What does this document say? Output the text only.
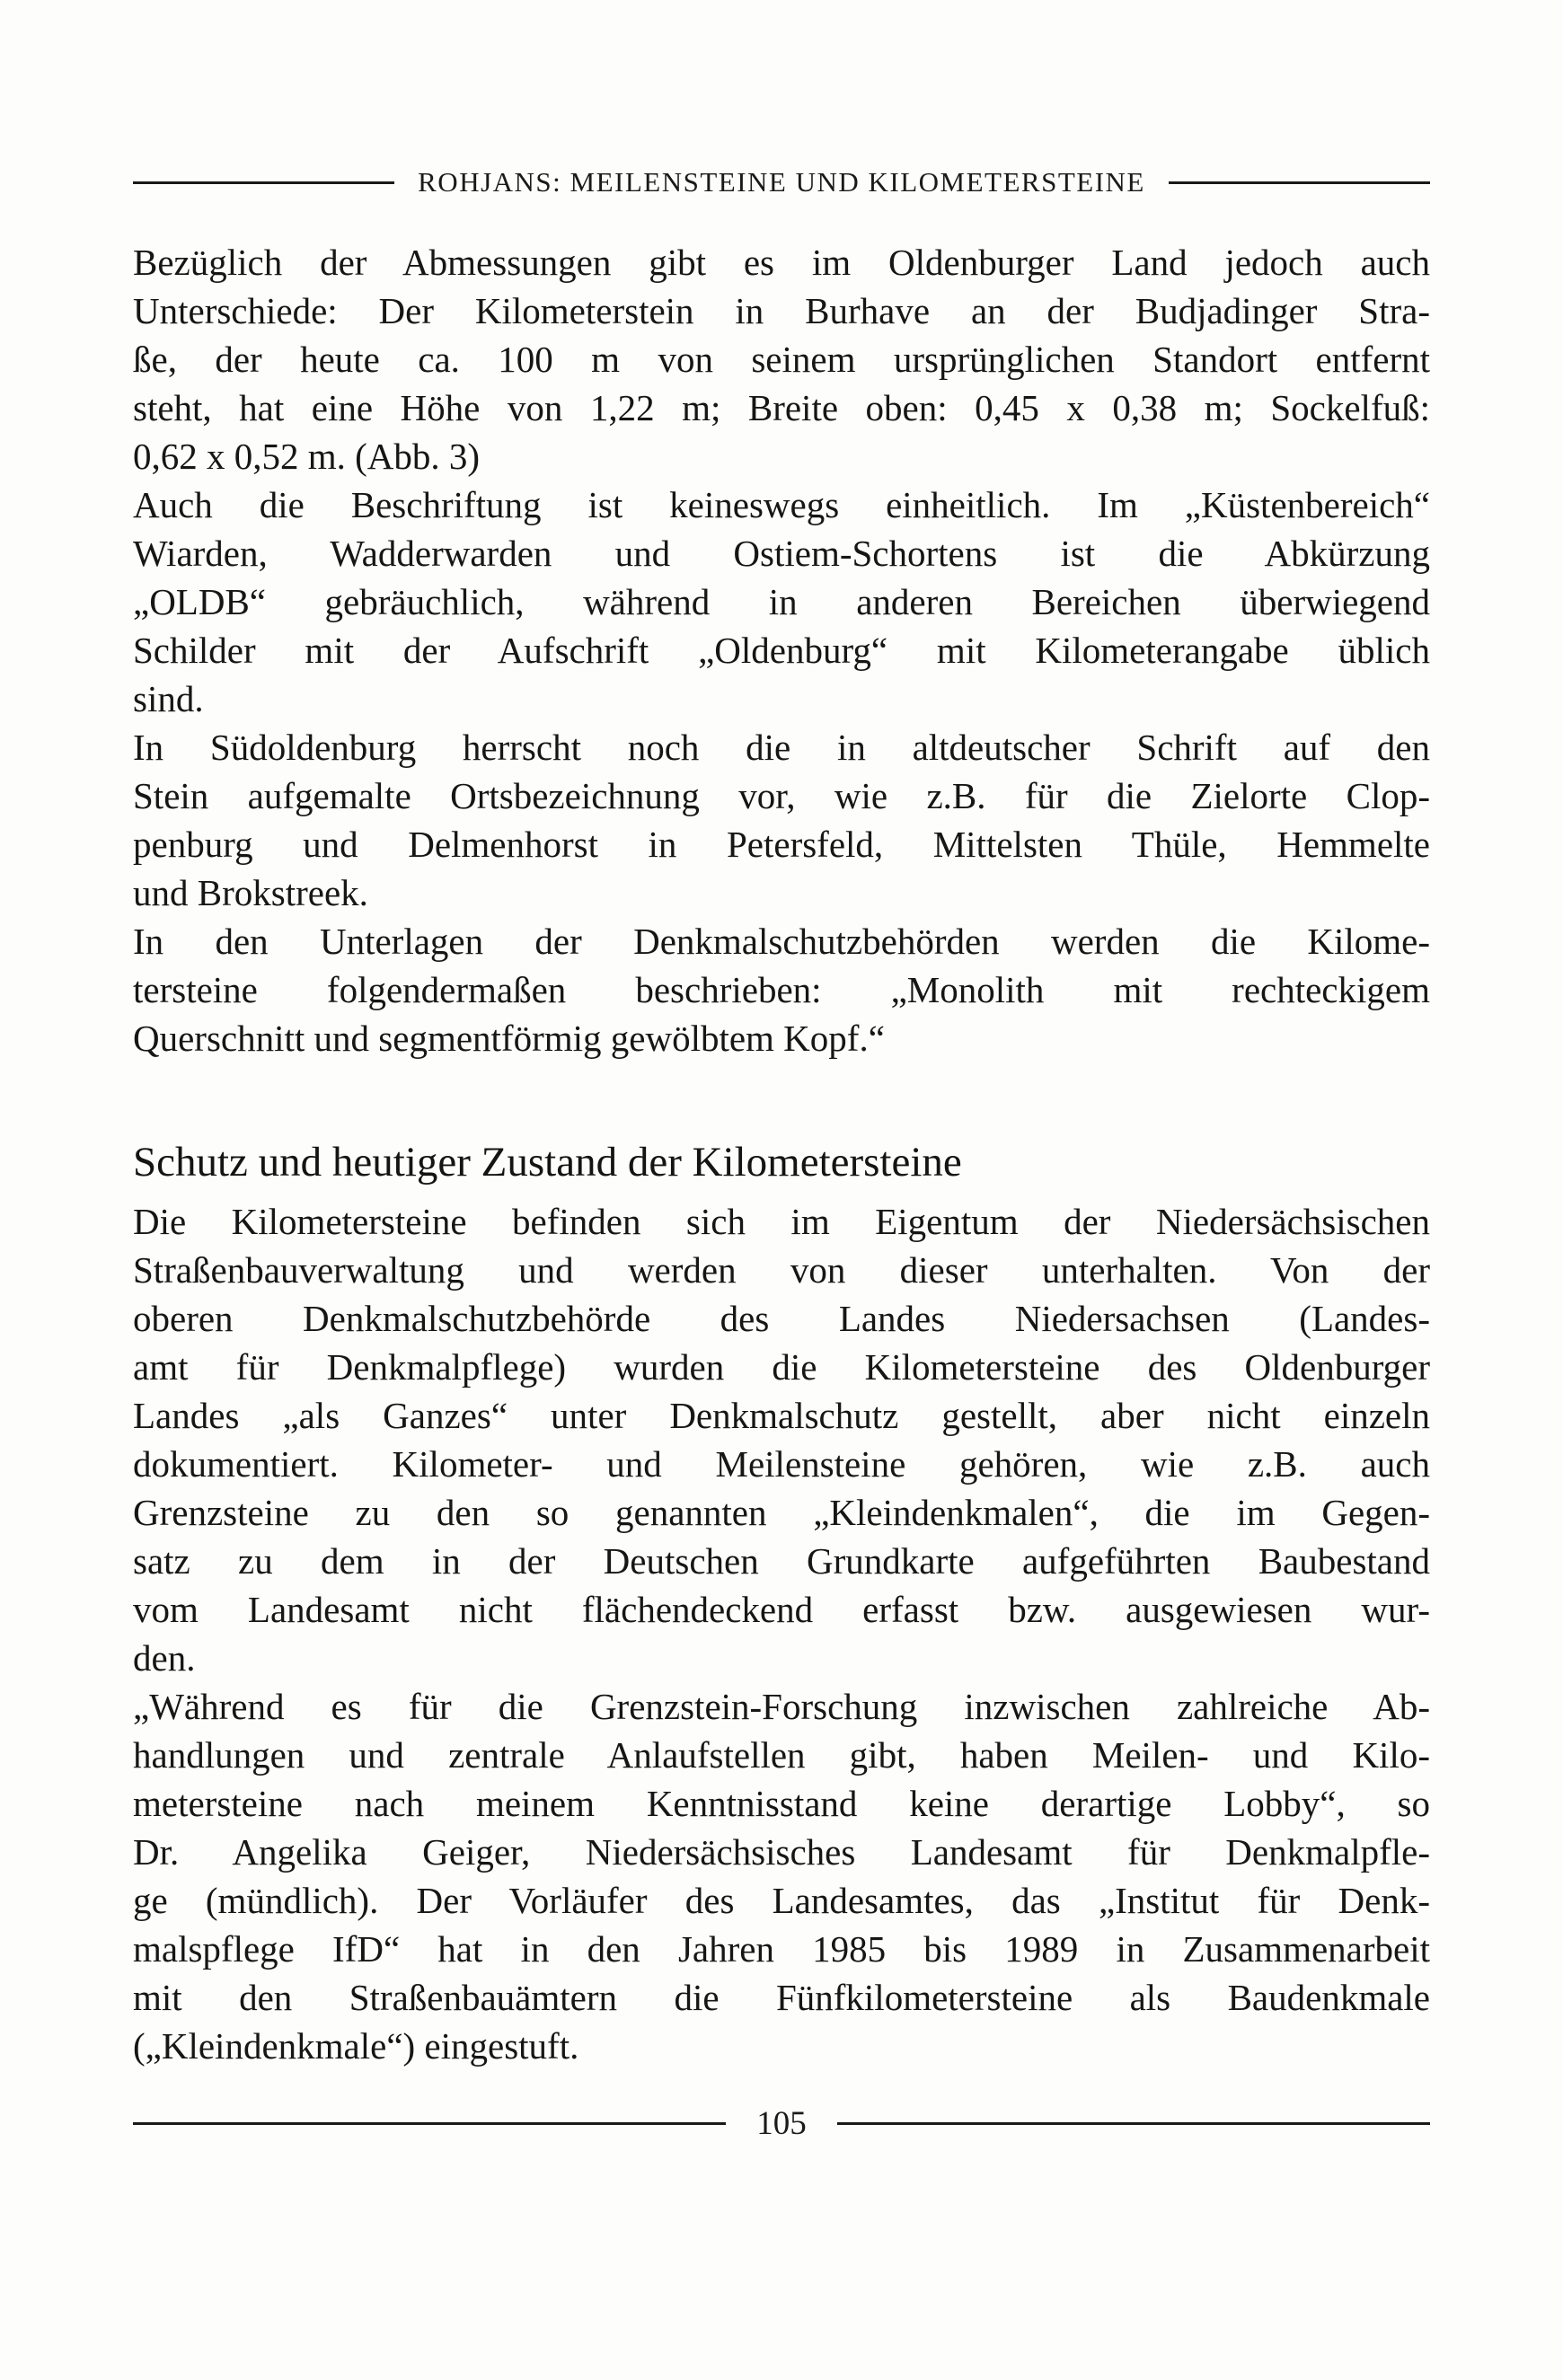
ROHJANS: MEILENSTEINE UND KILOMETERSTEINE
Bezüglich der Abmessungen gibt es im Oldenburger Land jedoch auch
Unterschiede: Der Kilometerstein in Burhave an der Budjadinger Stra-
ße, der heute ca. 100 m von seinem ursprünglichen Standort entfernt
steht, hat eine Höhe von 1,22 m; Breite oben: 0,45 x 0,38 m; Sockelfuß:
0,62 x 0,52 m. (Abb. 3)
Auch die Beschriftung ist keineswegs einheitlich. Im „Küstenbereich“
Wiarden, Wadderwarden und Ostiem-Schortens ist die Abkürzung
„OLDB“ gebräuchlich, während in anderen Bereichen überwiegend
Schilder mit der Aufschrift „Oldenburg“ mit Kilometerangabe üblich
sind.
In Südoldenburg herrscht noch die in altdeutscher Schrift auf den
Stein aufgemalte Ortsbezeichnung vor, wie z.B. für die Zielorte Clop-
penburg und Delmenhorst in Petersfeld, Mittelsten Thüle, Hemmelte
und Brokstreek.
In den Unterlagen der Denkmalschutzbehörden werden die Kilome-
tersteine folgendermaßen beschrieben: „Monolith mit rechteckigem
Querschnitt und segmentförmig gewölbtem Kopf.“
Schutz und heutiger Zustand der Kilometersteine
Die Kilometersteine befinden sich im Eigentum der Niedersächsischen
Straßenbauverwaltung und werden von dieser unterhalten. Von der
oberen Denkmalschutzbehörde des Landes Niedersachsen (Landes-
amt für Denkmalpflege) wurden die Kilometersteine des Oldenburger
Landes „als Ganzes“ unter Denkmalschutz gestellt, aber nicht einzeln
dokumentiert. Kilometer- und Meilensteine gehören, wie z.B. auch
Grenzsteine zu den so genannten „Kleindenkmalen“, die im Gegen-
satz zu dem in der Deutschen Grundkarte aufgeführten Baubestand
vom Landesamt nicht flächendeckend erfasst bzw. ausgewiesen wur-
den.
„Während es für die Grenzstein-Forschung inzwischen zahlreiche Ab-
handlungen und zentrale Anlaufstellen gibt, haben Meilen- und Kilo-
metersteine nach meinem Kenntnisstand keine derartige Lobby“, so
Dr. Angelika Geiger, Niedersächsisches Landesamt für Denkmalpfle-
ge (mündlich). Der Vorläufer des Landesamtes, das „Institut für Denk-
malspflege IfD“ hat in den Jahren 1985 bis 1989 in Zusammenarbeit
mit den Straßenbauämtern die Fünfkilometersteine als Baudenkmale
(„Kleindenkmale“) eingestuft.
105
